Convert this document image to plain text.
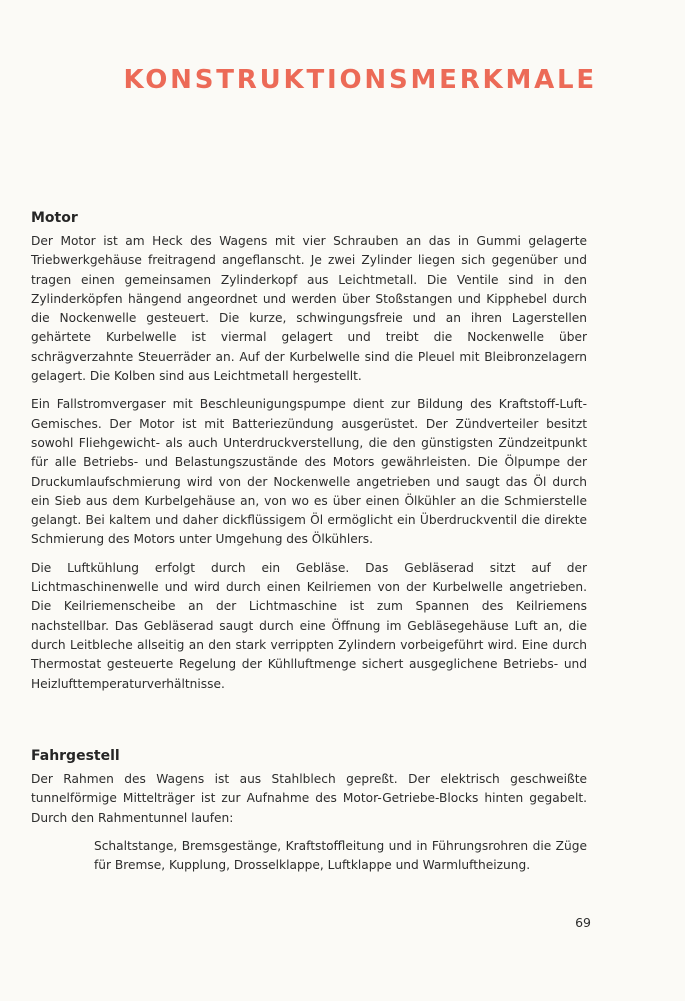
KONSTRUKTIONSMERKMALE
Motor

Der Motor ist am Heck des Wagens mit vier Schrauben an das in Gummi gelagerte Triebwerkgehäuse freitragend angeflanscht. Je zwei Zylinder liegen sich gegenüber und tragen einen gemeinsamen Zylinderkopf aus Leichtmetall. Die Ventile sind in den Zylinderköpfen hängend angeordnet und werden über Stoßstangen und Kipphebel durch die Nockenwelle gesteuert. Die kurze, schwingungsfreie und an ihren Lagerstellen gehärtete Kurbelwelle ist viermal gelagert und treibt die Nockenwelle über schrägverzahnte Steuerräder an. Auf der Kurbelwelle sind die Pleuel mit Bleibronzelagern gelagert. Die Kolben sind aus Leichtmetall hergestellt.

Ein Fallstromvergaser mit Beschleunigungspumpe dient zur Bildung des Kraftstoff-Luft-Gemisches. Der Motor ist mit Batteriezündung ausgerüstet. Der Zündverteiler besitzt sowohl Fliehgewicht- als auch Unterdruckverstellung, die den günstigsten Zündzeitpunkt für alle Betriebs- und Belastungszustände des Motors gewährleisten. Die Ölpumpe der Druckumlaufschmierung wird von der Nockenwelle angetrieben und saugt das Öl durch ein Sieb aus dem Kurbelgehäuse an, von wo es über einen Ölkühler an die Schmierstelle gelangt. Bei kaltem und daher dickflüssigem Öl ermöglicht ein Überdruckventil die direkte Schmierung des Motors unter Umgehung des Ölkühlers.

Die Luftkühlung erfolgt durch ein Gebläse. Das Gebläserad sitzt auf der Lichtmaschinenwelle und wird durch einen Keilriemen von der Kurbelwelle angetrieben. Die Keilriemenscheibe an der Lichtmaschine ist zum Spannen des Keilriemens nachstellbar. Das Gebläserad saugt durch eine Öffnung im Gebläsegehäuse Luft an, die durch Leitbleche allseitig an den stark verrippten Zylindern vorbeigeführt wird. Eine durch Thermostat gesteuerte Regelung der Kühlluftmenge sichert ausgeglichene Betriebs- und Heizlufttemperaturverhältnisse.

Fahrgestell

Der Rahmen des Wagens ist aus Stahlblech gepreßt. Der elektrisch geschweißte tunnelförmige Mittelträger ist zur Aufnahme des Motor-Getriebe-Blocks hinten gegabelt. Durch den Rahmentunnel laufen:

Schaltstange, Bremsgestänge, Kraftstoffleitung und in Führungsrohren die Züge für Bremse, Kupplung, Drosselklappe, Luftklappe und Warmluftheizung.

69
